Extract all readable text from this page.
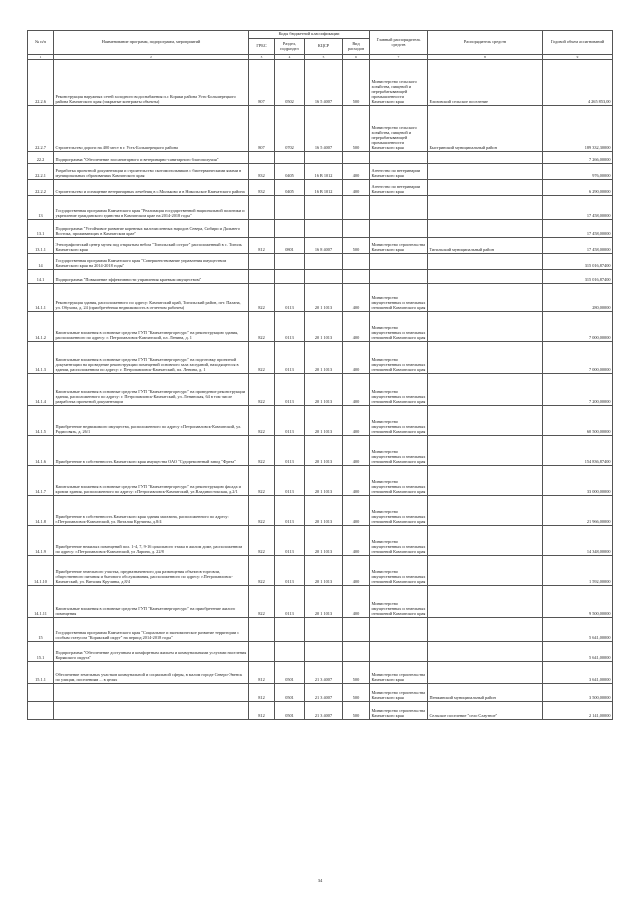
№ п/п	Наименование программ, подпрограмм, мероприятий	Коды бюджетной классификации				Главный распорядитель средств	Распорядитель средств	Годовой объем ассигнований
		ГРБС	Раздел, подраздел	КЦСР	Вид расходов			
1	2	3	4	5	6	7	8	9
22.2.6	Реконструкция наружных сетей холодного водоснабжения п.с Коряки района Усть-Большерецкого района Камчатского края (закрытые контракты объекты)	807	0502	16 5 4007	500	Министерство сельского хозяйства, пищевой и перерабатывающей промышленности Камчатского края	Елизовский сельское поселение	4 265 853,00
22.2.7	Строительство дороги на 400 мест в г. Усть-Большерецкого района	807	0702	16 5 4007	500	Министерство сельского хозяйства, пищевой и перерабатывающей промышленности Камчатского края	Быстринский муниципальный район	189 332,30000
22.2	Подпрограмма "Обеспечение зоосанитарного и ветеринарно-санитарного благополучия"							7 266,00000
22.2.1	Разработка проектной документации и строительство скотомогильников с биотермическими ямами в муниципальных образованиях Камчатского края	832	0405	16 В 1012	400	Агентство по ветеринарии Камчатского края		976,00000
22.2.2	Строительство и оснащение ветеринарных лечебниц в с.Мильково и в Никольское Камчатского района	832	0405	16 В 1012	400	Агентство по ветеринарии Камчатского края		6 290,00000
13	Государственная программа Камчатского края "Реализация государственной национальной политики и укрепление гражданского единства в Камчатском крае на 2014-2018 годы"							17 458,00000
13.1	Подпрограмма "Устойчивое развитие коренных малочисленных народов Севера, Сибири и Дальнего Востока, проживающих в Камчатском крае"							17 458,00000
13.1.1	Этнографический центр музея под открытым небом "Тигильский острог" расположенный в с. Тигиль Камчатского края	812	0801	16 8 4007	500	Министерство строительства Камчатского края	Тигильский муниципальный район	17 458,00000
14	Государственная программа Камчатского края "Совершенствование управления имуществом Камчатского края на 2014-2018 годы"							315 016,87400
14.1	Подпрограмма "Повышение эффективности управления краевым имуществом"							315 016,87400
14.1.1	Реконструкция здания, расположенного по адресу: Камчатский край, Тигильский район, пгт. Палана, ул. Обухова, д. 24 (приобретённая недвижимость в отчетном рабочем)	822	0113	20 1 1013	400	Министерство имущественных и земельных отношений Камчатского края		280,00000
14.1.2	Капитальные вложения в основные средства ГУП "Камчатэнергоресурс" на реконструкцию здания, расположенного по адресу: г. Петропавловск-Камчатский, пл. Ленина, д. 1	822	0113	20 1 1013	400	Министерство имущественных и земельных отношений Камчатского края		7 000,00000
14.1.3	Капитальные вложения в основные средства ГУП "Камчатэнергоресурс" на подготовку проектной документации на проведение реконструкции помещений основного зала заседаний, находящегося в здании, расположенном по адресу: г. Петропавловск-Камчатский, пл. Ленина, д. 1	822	0113	20 1 1013	400	Министерство имущественных и земельных отношений Камчатского края		7 000,00000
14.1.4	Капитальные вложения в основные средства ГУП "Камчатэнергоресурс" на проведение реконструкции здания, расположенного по адресу: г. Петропавловск-Камчатский, ул. Ленинская, 64 в том числе разработка проектной документации	822	0113	20 1 1013	400	Министерство имущественных и земельных отношений Камчатского края		7 200,00000
14.1.5	Приобретение недвижимого имущества, расположенного по адресу г.Петропавловск-Камчатский, ул. Радиосвязь, д. 26/1	822	0113	20 1 1013	400	Министерство имущественных и земельных отношений Камчатского края		60 500,00000
14.1.6	Приобретение в собственность Камчатского края имущества ОАО "Судоремонтный завод "Фреза"	822	0113	20 1 1013	400	Министерство имущественных и земельных отношений Камчатского края		154 836,87400
14.1.7	Капитальные вложения в основные средства ГУП "Камчатэнергоресурс" на реконструкцию фасада и кровли здания, расположенного по адресу: г.Петропавловск-Камчатский, ул.Владивостокская, д.2/1	822	0113	20 1 1013	400	Министерство имущественных и земельных отношений Камчатского края		33 000,00000
14.1.8	Приобретение в собственность Камчатского края здания магазина, расположенного по адресу: г.Петропавловск-Камчатский, ул. Виталия Кручины, д.8/4	822	0113	20 1 1013	400	Министерство имущественных и земельных отношений Камчатского края		21 966,00000
14.1.9	Приобретение нежилых помещений пол. 1-4, 7, 9-16 цокольного этажа в жилом доме, расположенном по адресу: г.Петропавловск-Камчатский, ул Ларина, д. 22/8	822	0113	20 1 1013	400	Министерство имущественных и земельных отношений Камчатского края		14 348,00000
14.1.10	Приобретение земельного участка, предназначенного для размещения объектов торговли, общественного питания и бытового обслуживания, расположенного по адресу: г.Петропавловск-Камчатский, ул. Виталия Кручины, д.8/4	822	0113	20 1 1013	400	Министерство имущественных и земельных отношений Камчатского края		1 592,00000
14.1.11	Капитальные вложения в основные средства ГУП "Камчатэнергоресурс" на приобретение жилого помещения	822	0113	20 1 1013	400	Министерство имущественных и земельных отношений Камчатского края		9 500,00000
15	Государственная программа Камчатского края "Социальное и экономическое развитие территории с особым статусом "Корякский округ" на период 2014-2018 годы"							5 641,00000
15.1	Подпрограмма "Обеспечение доступным и комфортным жильем и коммунальными услугами населения Корякского округа"							5 641,00000
15.1.1	Обеспечение земельных участков коммунальной и социальной сферы, в малом городе Северо-Эвенск по улицам, поселениям ... в целях	812	0501	21 3 4007	500	Министерство строительства Камчатского края		3 641,00000
		812	0501	21 3 4007	500	Министерство строительства Камчатского края	Пенжинский муниципальный район	3 500,00000
		812	0501	21 3 4007	500	Министерство строительства Камчатского края	Сельское поселение "село Слаутное"	2 141,00000
34
